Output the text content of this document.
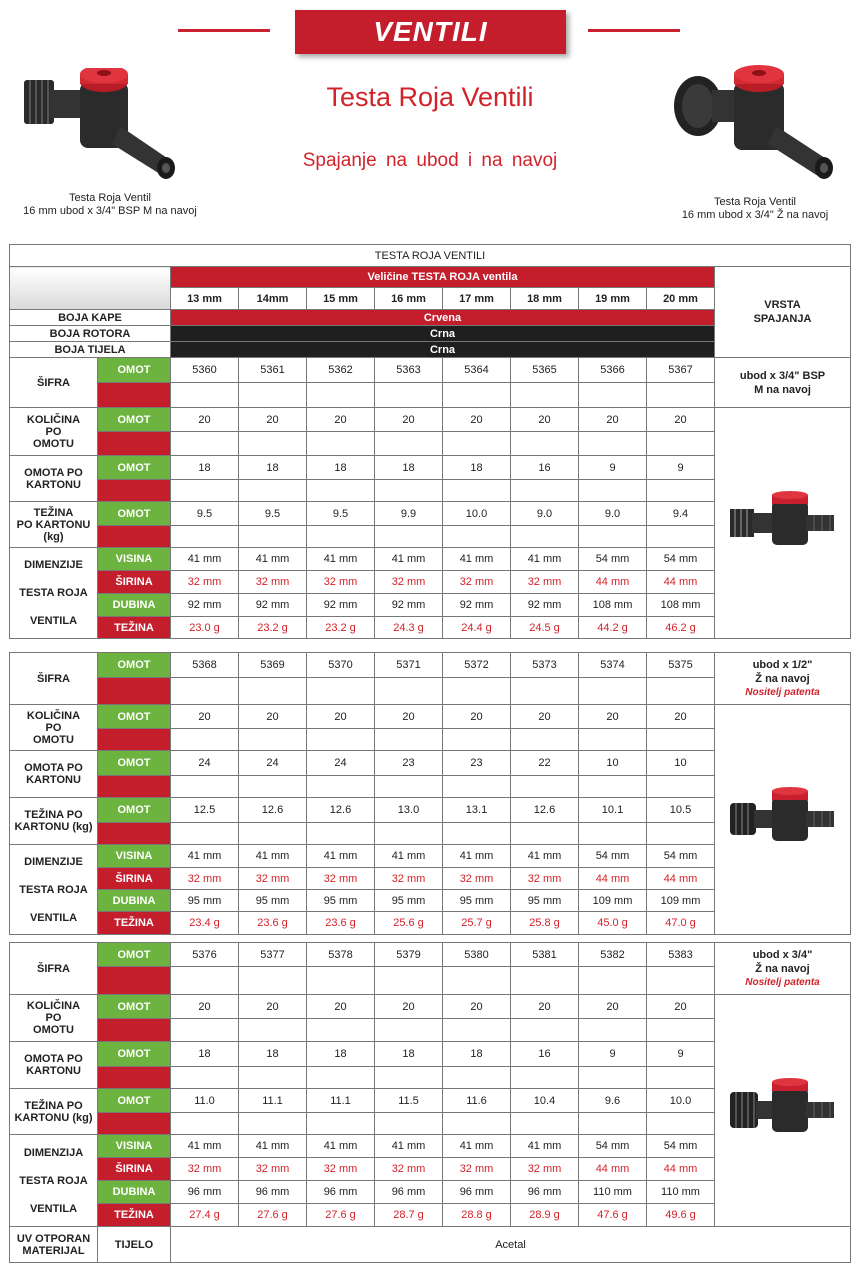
VENTILI
Testa Roja Ventili
Spajanje na ubod i na navoj
Testa Roja Ventil
16 mm ubod x 3/4" BSP M na navoj
Testa Roja Ventil
16 mm ubod x 3/4" Ž na navoj
TESTA ROJA VENTILI											
		Veličine TESTA ROJA ventila								VRSTA
SPAJANJA	

		13 mm	14mm	15 mm	16 mm	17 mm	18 mm	19 mm	20 mm		
BOJA KAPE		Crvena									
BOJA ROTORA		Crna									
BOJA TIJELA		Crna									
ŠIFRA	OMOT	5360	5361	5362	5363	5364	5365	5366	5367	ubod x 3/4" BSP
M na navoj	

KOLIČINA
PO
OMOTU	OMOT	20	20	20	20	20	20	20	20	

OMOTA PO
KARTONU	OMOT	18	18	18	18	18	16	9	9		

TEŽINA
PO KARTONU
(kg)	OMOT	9.5	9.5	9.5	9.9	10.0	9.0	9.0	9.4		

DIMENZIJE
TESTA ROJA
VENTILA	VISINA	41 mm	41 mm	41 mm	41 mm	41 mm	41 mm	54 mm	54 mm		
	ŠIRINA	32 mm	32 mm	32 mm	32 mm	32 mm	32 mm	44 mm	44 mm		
	DUBINA	92 mm	92 mm	92 mm	92 mm	92 mm	92 mm	108 mm	108 mm		
	TEŽINA	23.0 g	23.2 g	23.2 g	24.3 g	24.4 g	24.5 g	44.2 g	46.2 g		
ŠIFRA	OMOT	5368	5369	5370	5371	5372	5373	5374	5375	ubod x 1/2"
Ž na navoj
Nositelj patenta

KOLIČINA
PO
OMOTU	OMOT	20	20	20	20	20	20	20	20	

OMOTA PO
KARTONU	OMOT	24	24	24	23	23	22	10	10	

TEŽINA PO
KARTONU (kg)	OMOT	12.5	12.6	12.6	13.0	13.1	12.6	10.1	10.5	

DIMENZIJE
TESTA ROJA
VENTILA	VISINA	41 mm	41 mm	41 mm	41 mm	41 mm	41 mm	54 mm	54 mm	
	ŠIRINA	32 mm	32 mm	32 mm	32 mm	32 mm	32 mm	44 mm	44 mm	
	DUBINA	95 mm	95 mm	95 mm	95 mm	95 mm	95 mm	109 mm	109 mm	
	TEŽINA	23.4 g	23.6 g	23.6 g	25.6 g	25.7 g	25.8 g	45.0 g	47.0 g	
ŠIFRA	OMOT	5376	5377	5378	5379	5380	5381	5382	5383	ubod x 3/4"
Ž na navoj
Nositelj patenta

KOLIČINA
PO
OMOTU	OMOT	20	20	20	20	20	20	20	20	

OMOTA PO
KARTONU	OMOT	18	18	18	18	18	16	9	9	

TEŽINA PO
KARTONU (kg)	OMOT	11.0	11.1	11.1	11.5	11.6	10.4	9.6	10.0	

DIMENZIJA
TESTA ROJA
VENTILA	VISINA	41 mm	41 mm	41 mm	41 mm	41 mm	41 mm	54 mm	54 mm	
	ŠIRINA	32 mm	32 mm	32 mm	32 mm	32 mm	32 mm	44 mm	44 mm	
	DUBINA	96 mm	96 mm	96 mm	96 mm	96 mm	96 mm	110 mm	110 mm	
	TEŽINA	27.4 g	27.6 g	27.6 g	28.7 g	28.8 g	28.9 g	47.6 g	49.6 g	

UV OTPORAN
MATERIJAL	TIJELO	Acetal								
